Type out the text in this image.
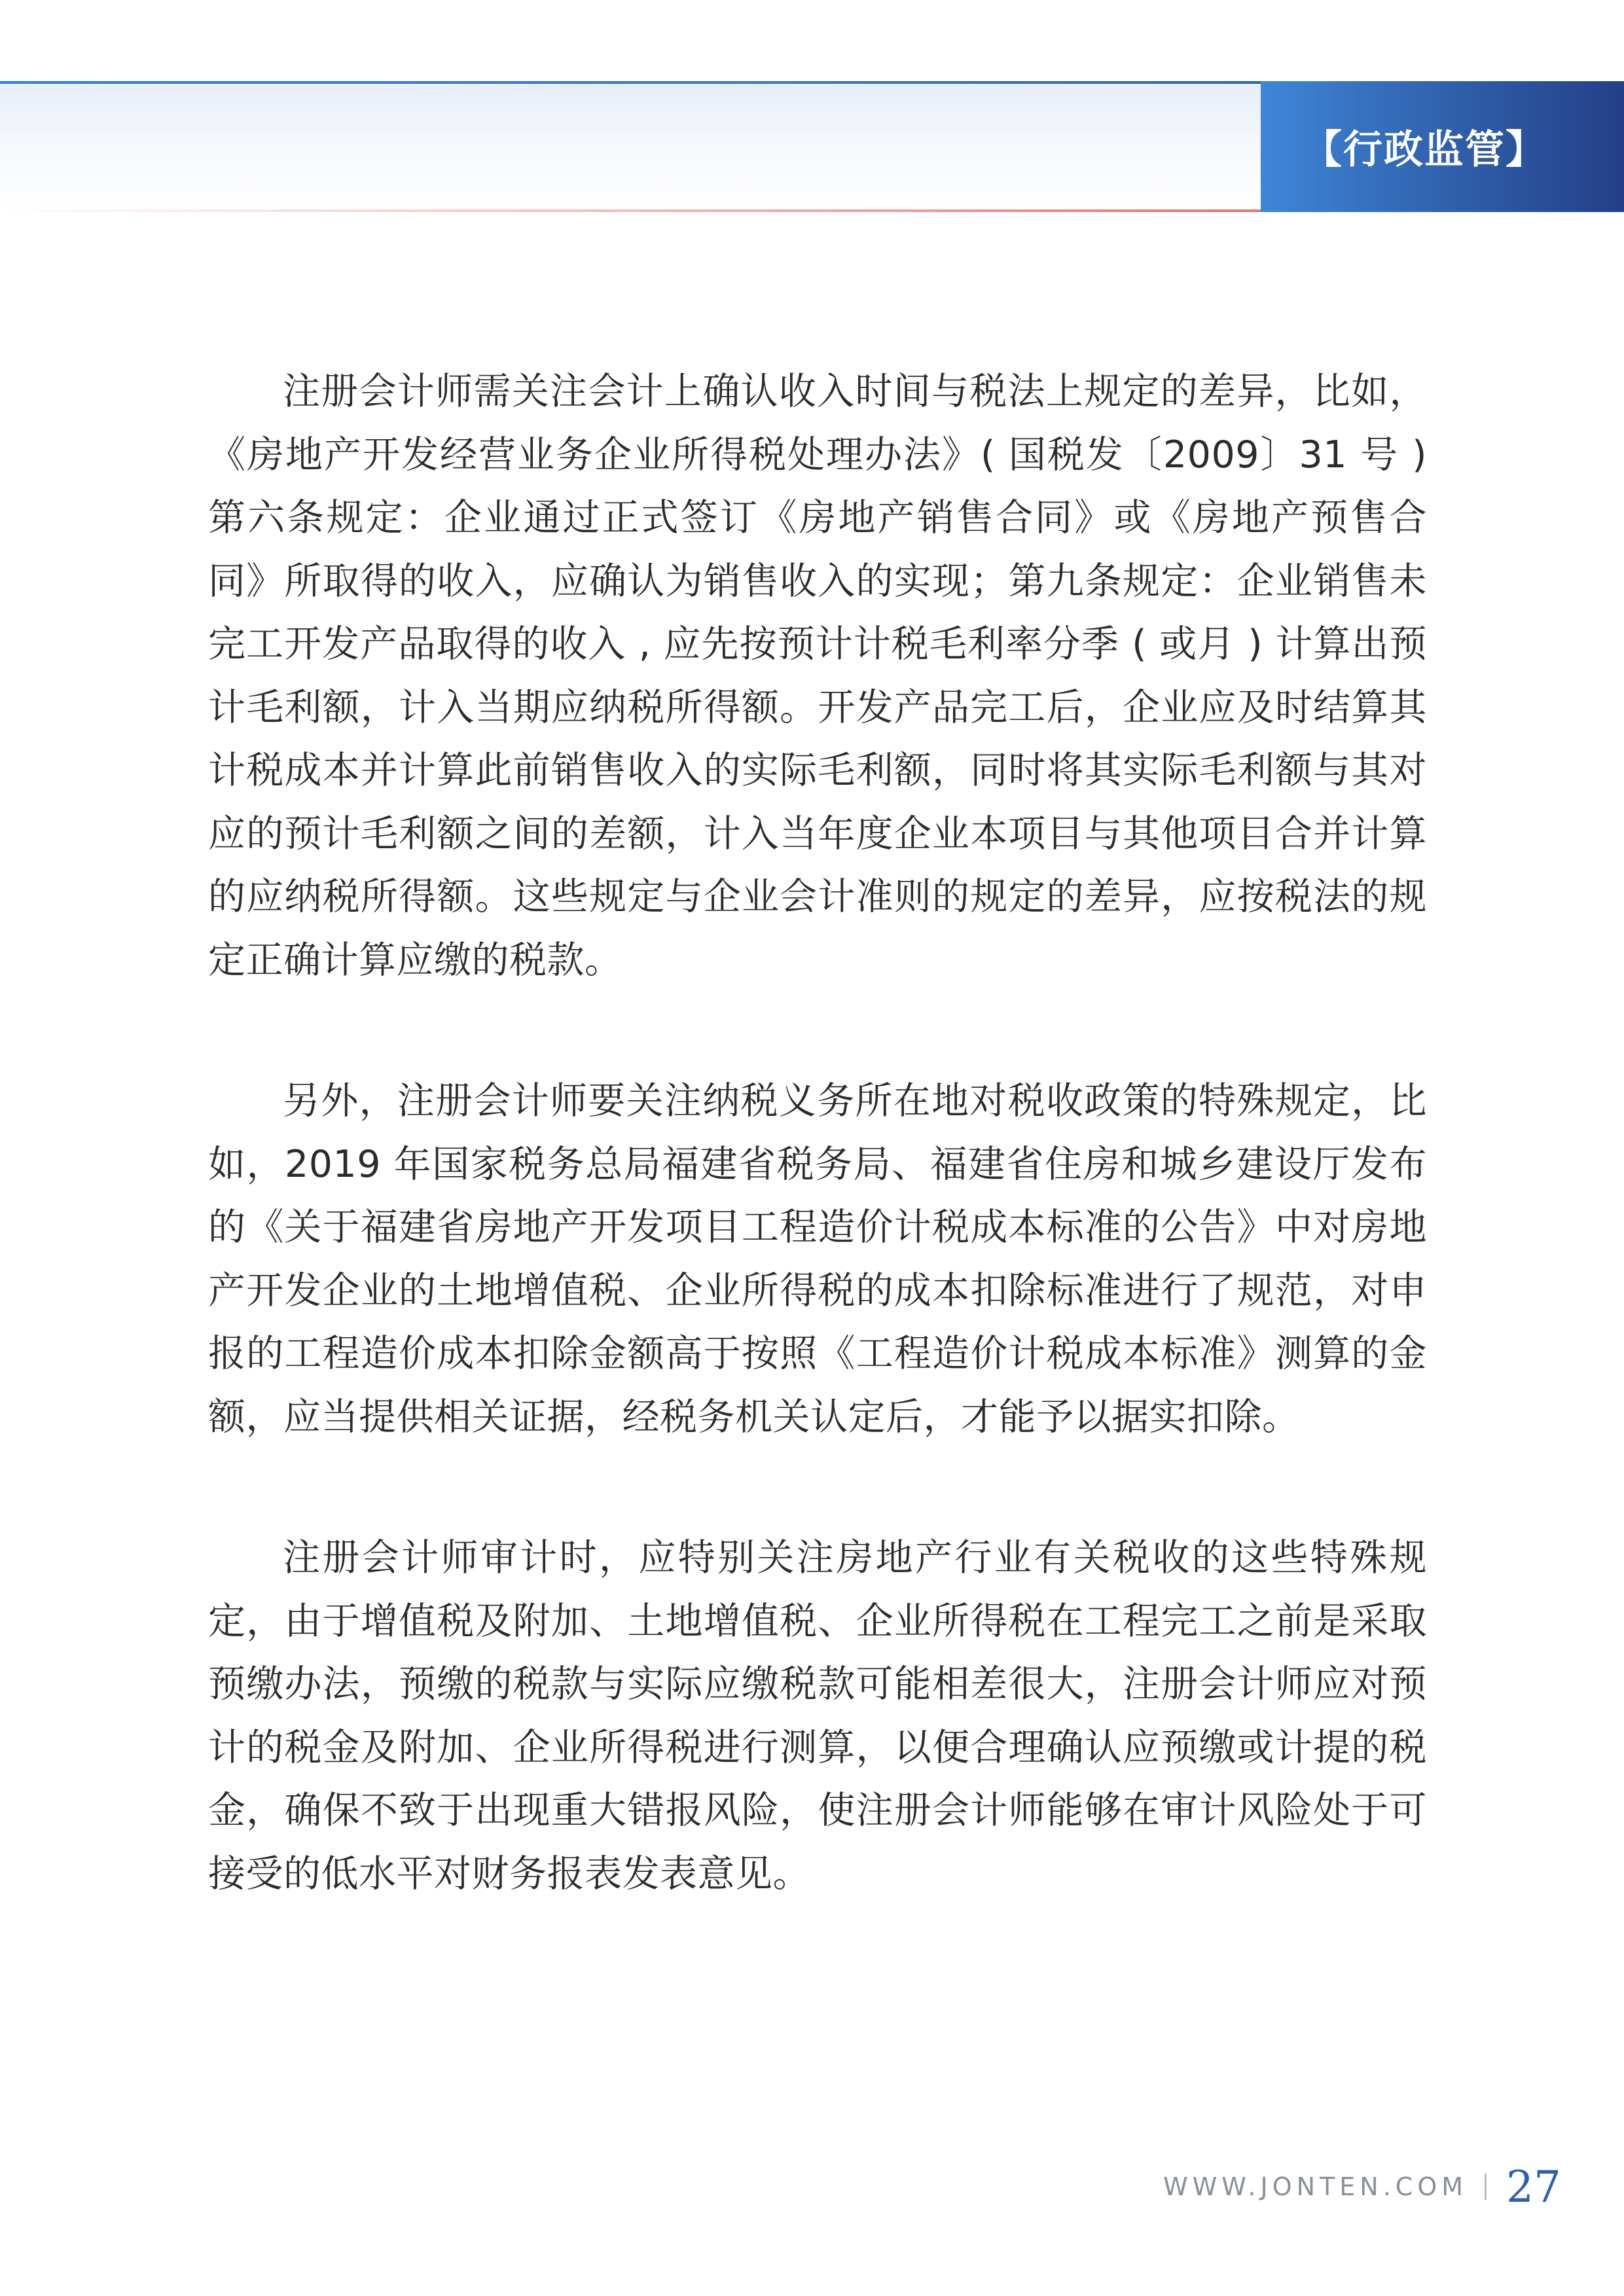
【行政监管】

注册会计师需关注会计上确认收入时间与税法上规定的差异，比如，《房地产开发经营业务企业所得税处理办法》( 国税发〔2009〕31 号 ) 第六条规定：企业通过正式签订《房地产销售合同》或《房地产预售合同》所取得的收入，应确认为销售收入的实现；第九条规定：企业销售未完工开发产品取得的收入 , 应先按预计计税毛利率分季 ( 或月 ) 计算出预计毛利额，计入当期应纳税所得额。开发产品完工后，企业应及时结算其计税成本并计算此前销售收入的实际毛利额，同时将其实际毛利额与其对应的预计毛利额之间的差额，计入当年度企业本项目与其他项目合并计算的应纳税所得额。这些规定与企业会计准则的规定的差异，应按税法的规定正确计算应缴的税款。

另外，注册会计师要关注纳税义务所在地对税收政策的特殊规定，比如，2019 年国家税务总局福建省税务局、福建省住房和城乡建设厅发布的《关于福建省房地产开发项目工程造价计税成本标准的公告》中对房地产开发企业的土地增值税、企业所得税的成本扣除标准进行了规范，对申报的工程造价成本扣除金额高于按照《工程造价计税成本标准》测算的金额，应当提供相关证据，经税务机关认定后，才能予以据实扣除。

注册会计师审计时，应特别关注房地产行业有关税收的这些特殊规定，由于增值税及附加、土地增值税、企业所得税在工程完工之前是采取预缴办法，预缴的税款与实际应缴税款可能相差很大，注册会计师应对预计的税金及附加、企业所得税进行测算，以便合理确认应预缴或计提的税金，确保不致于出现重大错报风险，使注册会计师能够在审计风险处于可接受的低水平对财务报表发表意见。

WWW.JONTEN.COM 27
